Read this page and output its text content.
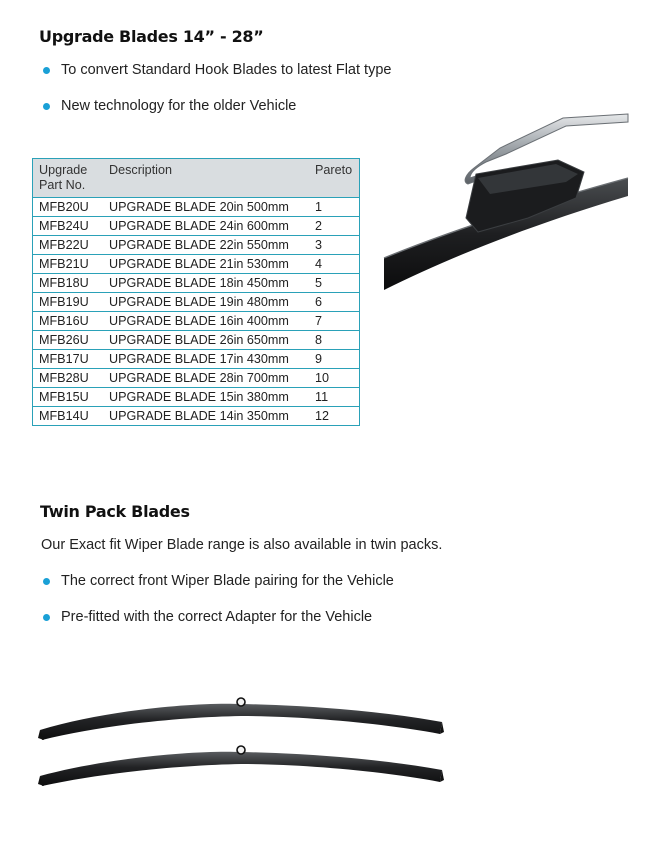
Upgrade Blades 14” - 28”
To convert Standard Hook Blades to latest Flat type
New technology for the older Vehicle
Upgrade Part No.	Description	Pareto
MFB20U	UPGRADE BLADE 20in 500mm	1
MFB24U	UPGRADE BLADE 24in 600mm	2
MFB22U	UPGRADE BLADE 22in 550mm	3
MFB21U	UPGRADE BLADE 21in 530mm	4
MFB18U	UPGRADE BLADE 18in 450mm	5
MFB19U	UPGRADE BLADE 19in 480mm	6
MFB16U	UPGRADE BLADE 16in 400mm	7
MFB26U	UPGRADE BLADE 26in 650mm	8
MFB17U	UPGRADE BLADE 17in 430mm	9
MFB28U	UPGRADE BLADE 28in 700mm	10
MFB15U	UPGRADE BLADE 15in 380mm	11
MFB14U	UPGRADE BLADE 14in 350mm	12
Twin Pack Blades
Our Exact fit Wiper Blade range is also available in twin packs.
The correct front Wiper Blade pairing for the Vehicle
Pre-fitted with the correct Adapter for the Vehicle
